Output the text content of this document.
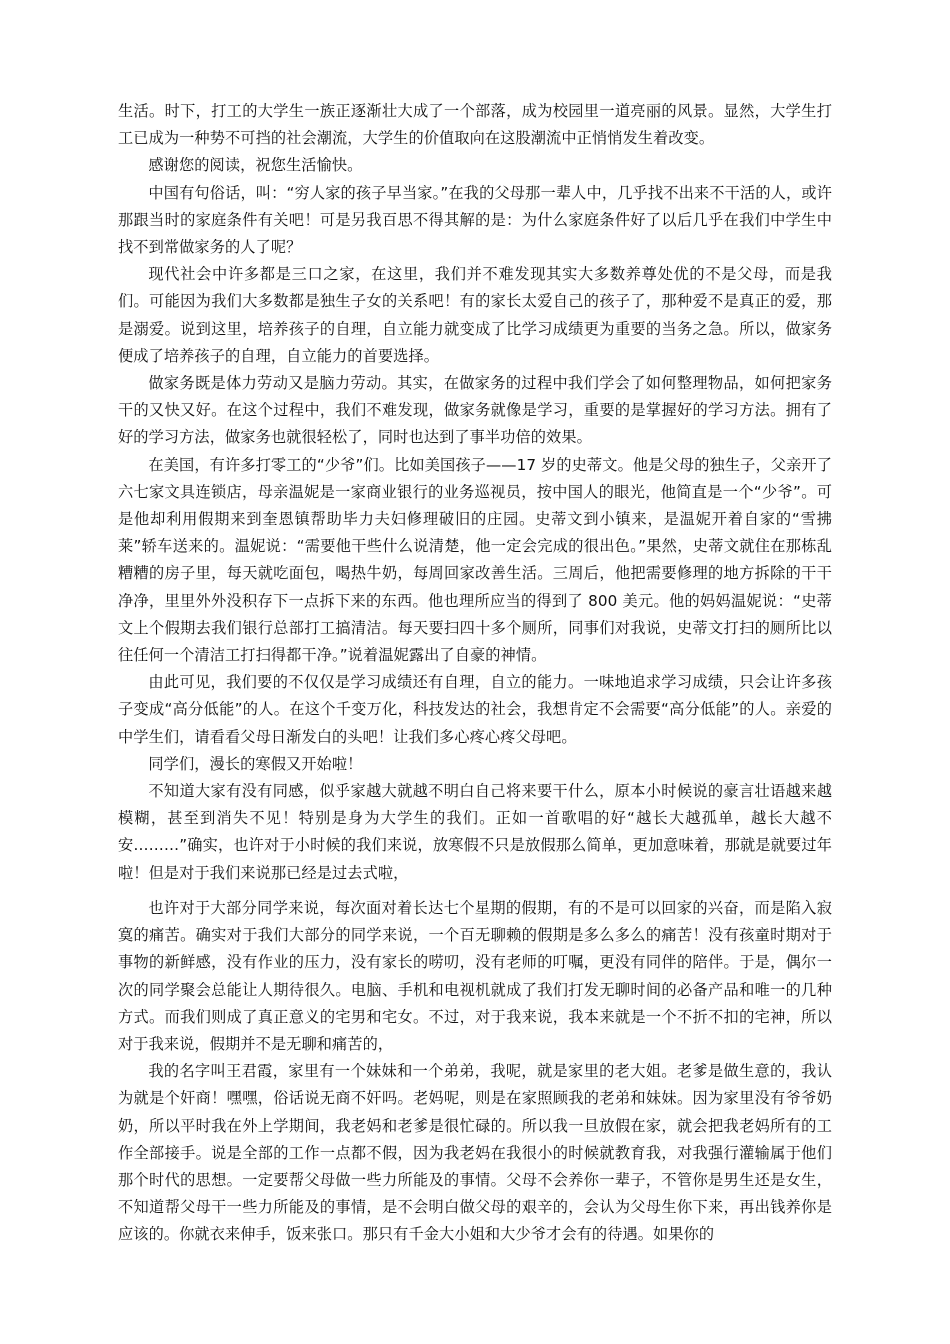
生活。时下，打工的大学生一族正逐渐壮大成了一个部落，成为校园里一道亮丽的风景。显然，大学生打工已成为一种势不可挡的社会潮流，大学生的价值取向在这股潮流中正悄悄发生着改变。

感谢您的阅读，祝您生活愉快。

中国有句俗话，叫：“穷人家的孩子早当家。”在我的父母那一辈人中，几乎找不出来不干活的人，或许那跟当时的家庭条件有关吧！可是另我百思不得其解的是：为什么家庭条件好了以后几乎在我们中学生中找不到常做家务的人了呢？

现代社会中许多都是三口之家，在这里，我们并不难发现其实大多数养尊处优的不是父母，而是我们。可能因为我们大多数都是独生子女的关系吧！有的家长太爱自己的孩子了，那种爱不是真正的爱，那是溺爱。说到这里，培养孩子的自理，自立能力就变成了比学习成绩更为重要的当务之急。所以，做家务便成了培养孩子的自理，自立能力的首要选择。

做家务既是体力劳动又是脑力劳动。其实，在做家务的过程中我们学会了如何整理物品，如何把家务干的又快又好。在这个过程中，我们不难发现，做家务就像是学习，重要的是掌握好的学习方法。拥有了好的学习方法，做家务也就很轻松了，同时也达到了事半功倍的效果。

在美国，有许多打零工的“少爷”们。比如美国孩子——17 岁的史蒂文。他是父母的独生子，父亲开了六七家文具连锁店，母亲温妮是一家商业银行的业务巡视员，按中国人的眼光，他简直是一个“少爷”。可是他却利用假期来到奎恩镇帮助毕力夫妇修理破旧的庄园。史蒂文到小镇来，是温妮开着自家的“雪拂莱”轿车送来的。温妮说：“需要他干些什么说清楚，他一定会完成的很出色。”果然，史蒂文就住在那栋乱糟糟的房子里，每天就吃面包，喝热牛奶，每周回家改善生活。三周后，他把需要修理的地方拆除的干干净净，里里外外没积存下一点拆下来的东西。他也理所应当的得到了 800 美元。他的妈妈温妮说：“史蒂文上个假期去我们银行总部打工搞清洁。每天要扫四十多个厕所，同事们对我说，史蒂文打扫的厕所比以往任何一个清洁工打扫得都干净。”说着温妮露出了自豪的神情。

由此可见，我们要的不仅仅是学习成绩还有自理，自立的能力。一味地追求学习成绩，只会让许多孩子变成“高分低能”的人。在这个千变万化，科技发达的社会，我想肯定不会需要“高分低能”的人。亲爱的中学生们，请看看父母日渐发白的头吧！让我们多心疼心疼父母吧。

同学们，漫长的寒假又开始啦！

不知道大家有没有同感，似乎家越大就越不明白自己将来要干什么，原本小时候说的豪言壮语越来越模糊，甚至到消失不见！特别是身为大学生的我们。正如一首歌唱的好“越长大越孤单，越长大越不安………”确实，也许对于小时候的我们来说，放寒假不只是放假那么简单，更加意味着，那就是就要过年啦！但是对于我们来说那已经是过去式啦，

也许对于大部分同学来说，每次面对着长达七个星期的假期，有的不是可以回家的兴奋，而是陷入寂寞的痛苦。确实对于我们大部分的同学来说，一个百无聊赖的假期是多么多么的痛苦！没有孩童时期对于事物的新鲜感，没有作业的压力，没有家长的唠叨，没有老师的叮嘱，更没有同伴的陪伴。于是，偶尔一次的同学聚会总能让人期待很久。电脑、手机和电视机就成了我们打发无聊时间的必备产品和唯一的几种方式。而我们则成了真正意义的宅男和宅女。不过，对于我来说，我本来就是一个不折不扣的宅神，所以对于我来说，假期并不是无聊和痛苦的，

我的名字叫王君霞，家里有一个妹妹和一个弟弟，我呢，就是家里的老大姐。老爹是做生意的，我认为就是个奸商！嘿嘿，俗话说无商不奸吗。老妈呢，则是在家照顾我的老弟和妹妹。因为家里没有爷爷奶奶，所以平时我在外上学期间，我老妈和老爹是很忙碌的。所以我一旦放假在家，就会把我老妈所有的工作全部接手。说是全部的工作一点都不假，因为我老妈在我很小的时候就教育我，对我强行灌输属于他们那个时代的思想。一定要帮父母做一些力所能及的事情。父母不会养你一辈子，不管你是男生还是女生，不知道帮父母干一些力所能及的事情，是不会明白做父母的艰辛的，会认为父母生你下来，再出钱养你是应该的。你就衣来伸手，饭来张口。那只有千金大小姐和大少爷才会有的待遇。如果你的
